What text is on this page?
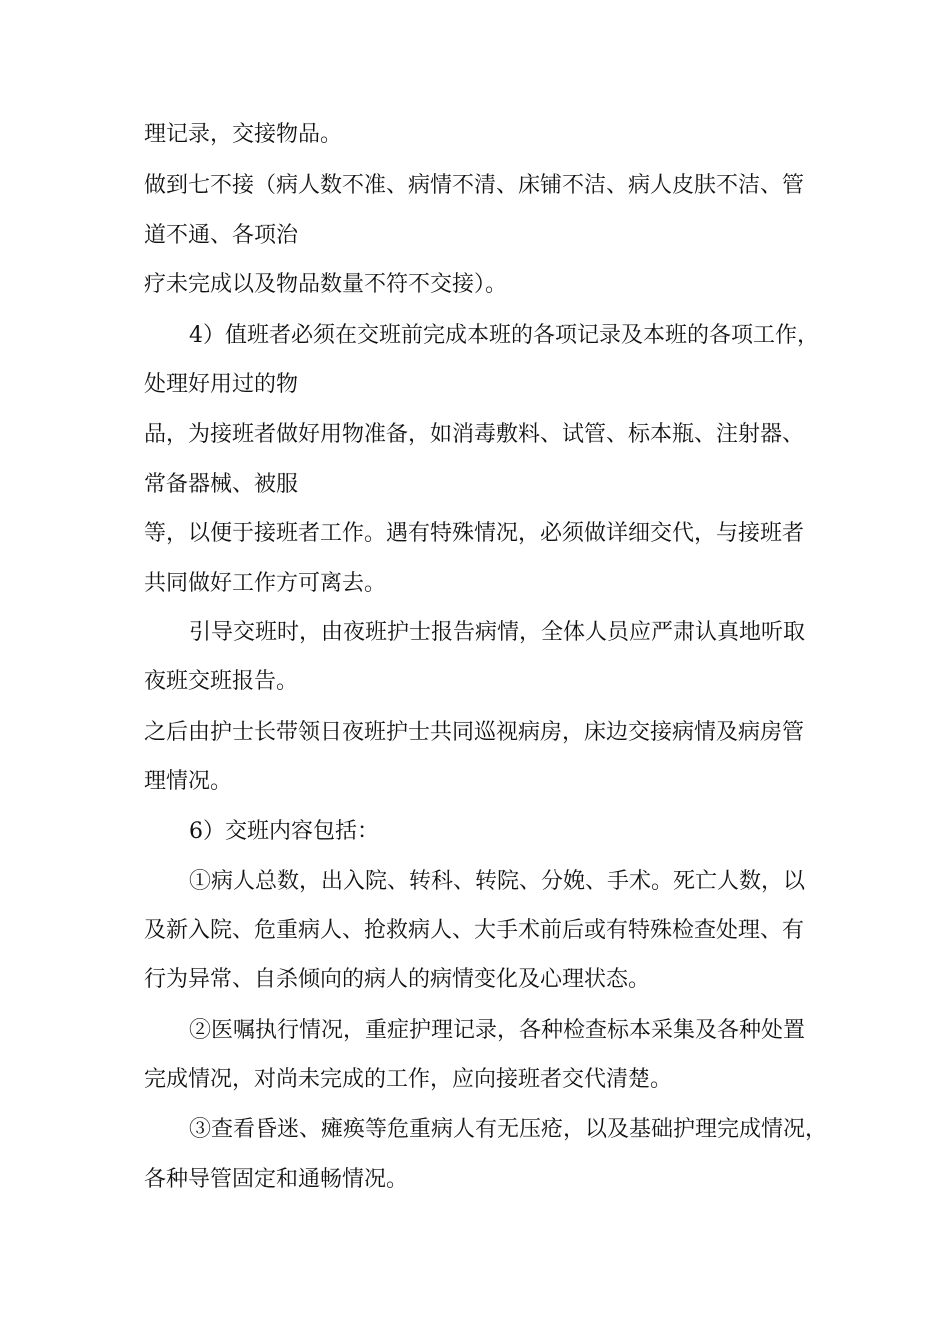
理记录，交接物品。
做到七不接（病人数不准、病情不清、床铺不洁、病人皮肤不洁、管
道不通、各项治
疗未完成以及物品数量不符不交接）。
4）值班者必须在交班前完成本班的各项记录及本班的各项工作，
处理好用过的物
品，为接班者做好用物准备，如消毒敷料、试管、标本瓶、注射器、
常备器械、被服
等，以便于接班者工作。遇有特殊情况，必须做详细交代，与接班者
共同做好工作方可离去。
引导交班时，由夜班护士报告病情，全体人员应严肃认真地听取
夜班交班报告。
之后由护士长带领日夜班护士共同巡视病房，床边交接病情及病房管
理情况。
6）交班内容包括：
①病人总数，出入院、转科、转院、分娩、手术。死亡人数，以
及新入院、危重病人、抢救病人、大手术前后或有特殊检查处理、有
行为异常、自杀倾向的病人的病情变化及心理状态。
②医嘱执行情况，重症护理记录，各种检查标本采集及各种处置
完成情况，对尚未完成的工作，应向接班者交代清楚。
③查看昏迷、瘫痪等危重病人有无压疮，以及基础护理完成情况，
各种导管固定和通畅情况。
